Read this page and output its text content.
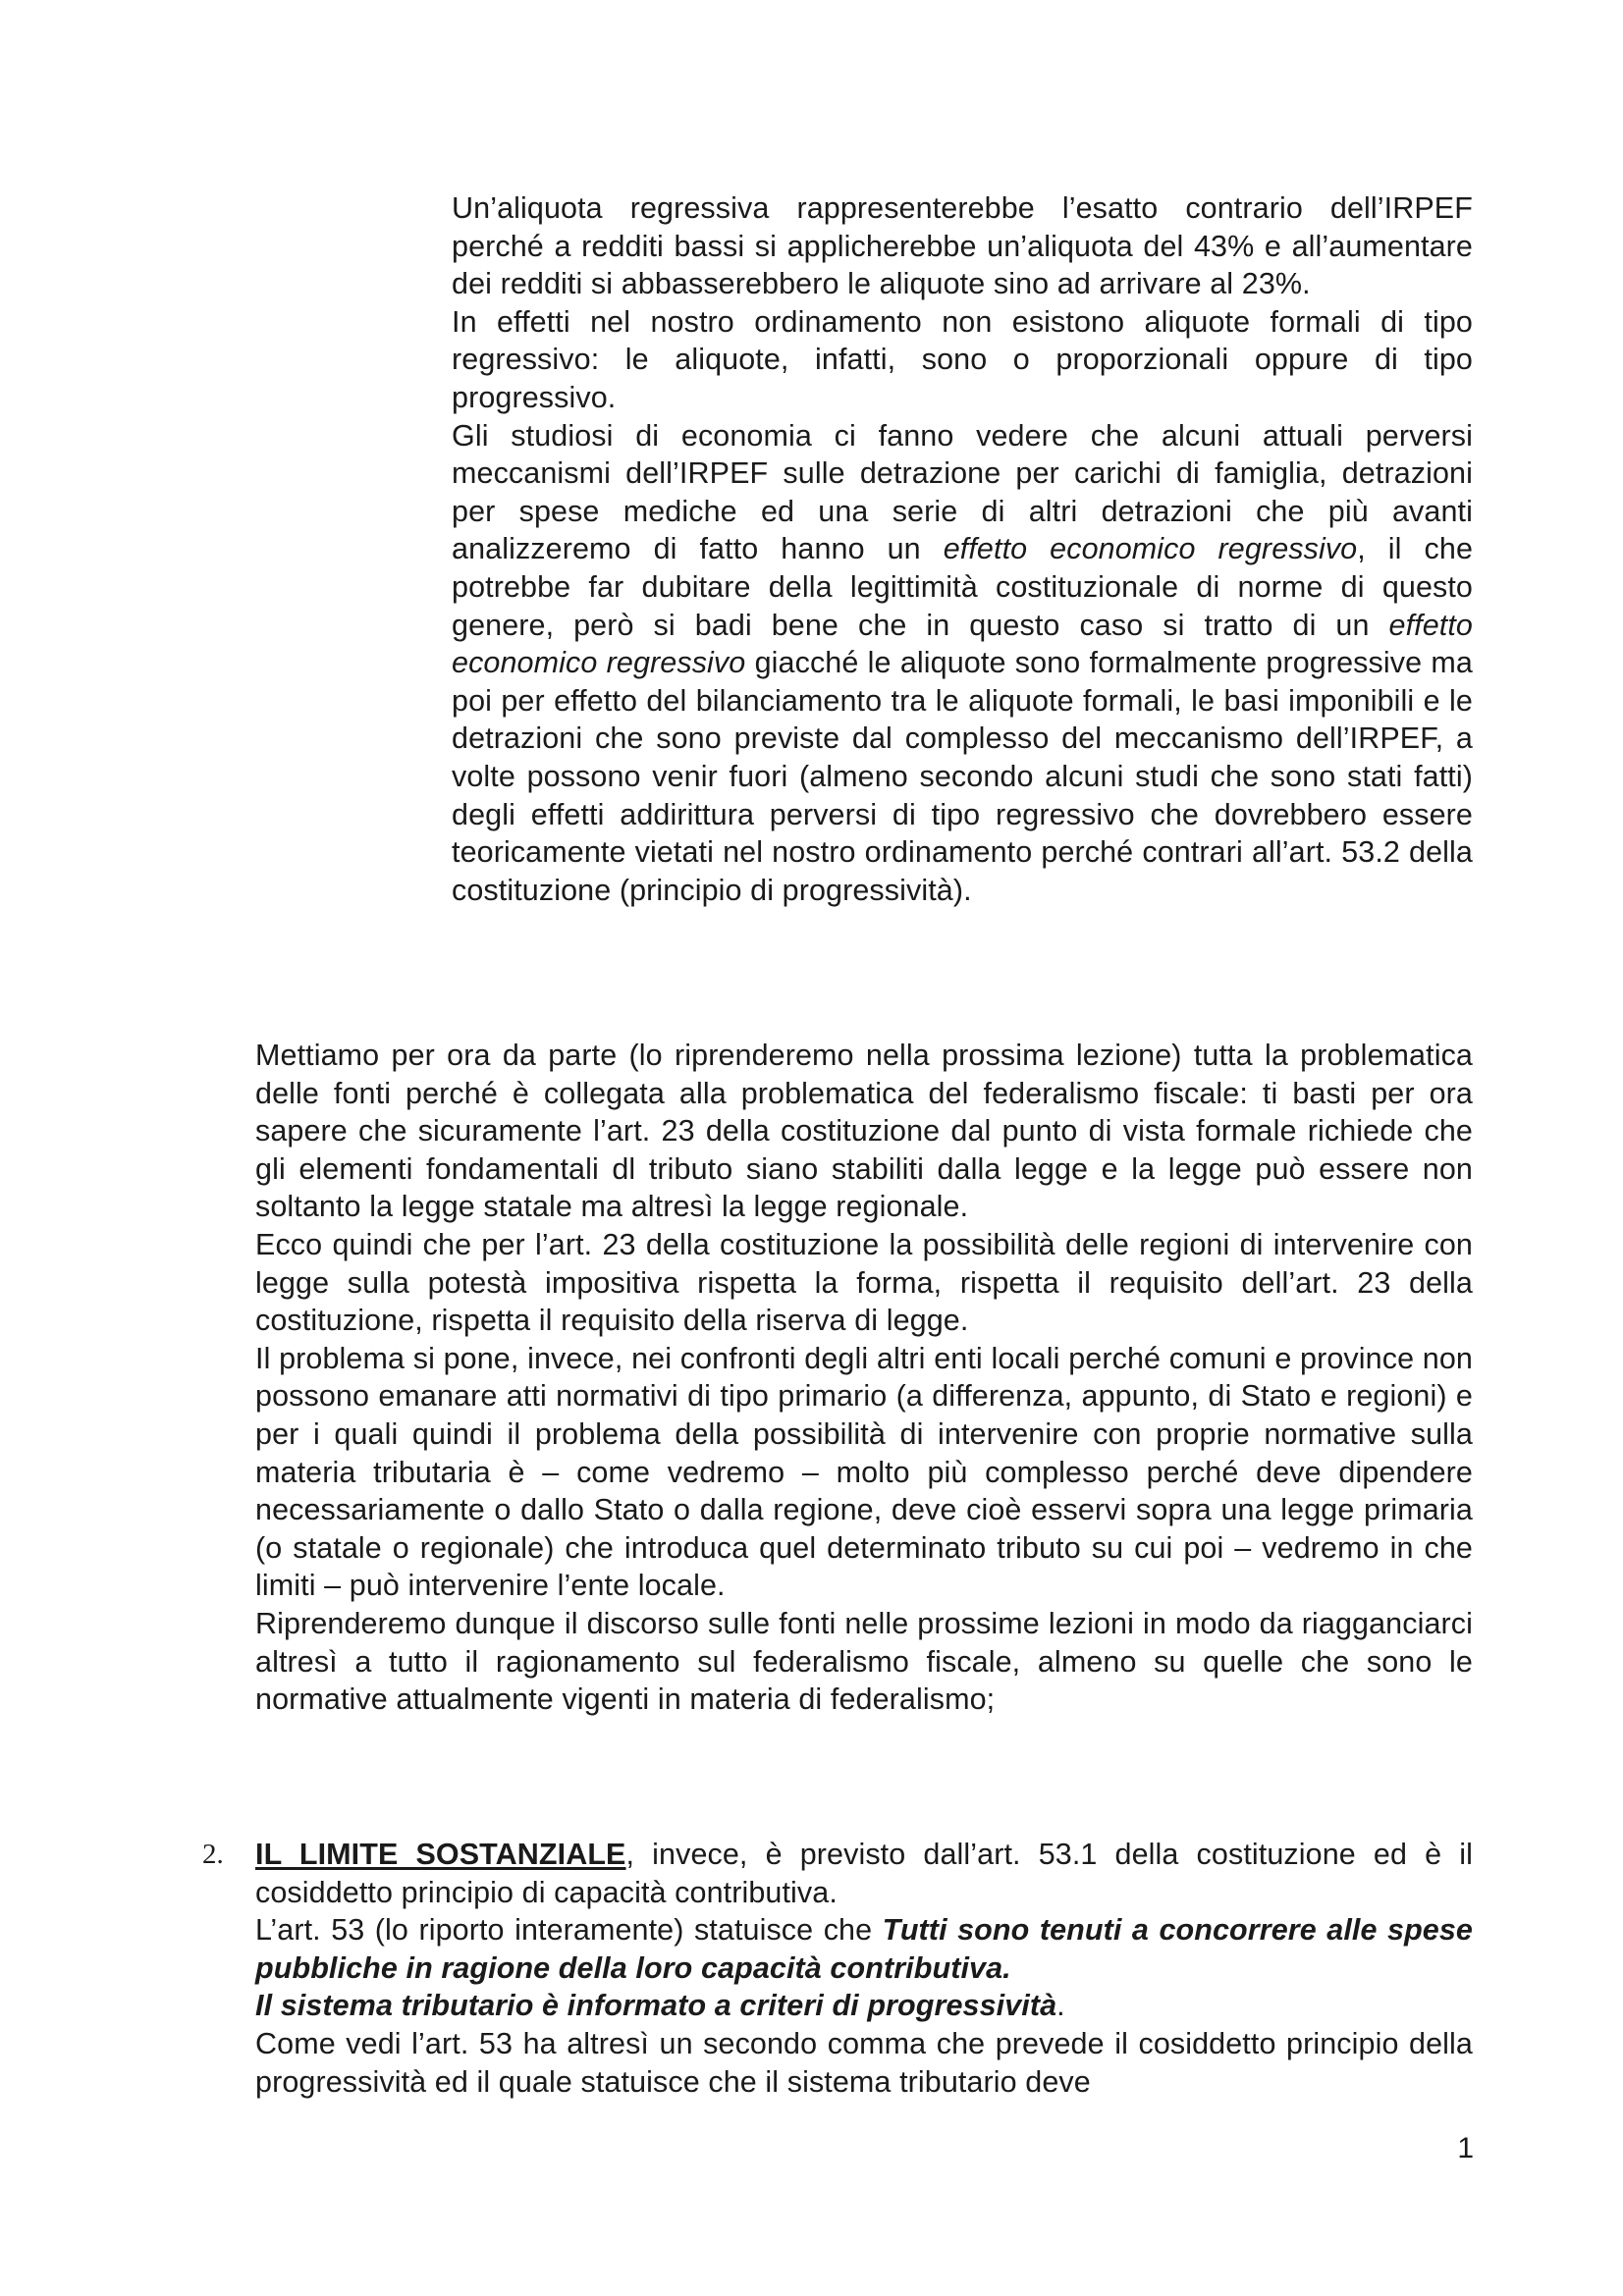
Un’aliquota regressiva rappresenterebbe l’esatto contrario dell’IRPEF perché a redditi bassi si applicherebbe un’aliquota del 43% e all’aumentare dei redditi si abbasserebbero le aliquote sino ad arrivare al 23%.

In effetti nel nostro ordinamento non esistono aliquote formali di tipo regressivo: le aliquote, infatti, sono o proporzionali oppure di tipo progressivo.

Gli studiosi di economia ci fanno vedere che alcuni attuali perversi meccanismi dell’IRPEF sulle detrazione per carichi di famiglia, detrazioni per spese mediche ed una serie di altri detrazioni che più avanti analizzeremo di fatto hanno un effetto economico regressivo, il che potrebbe far dubitare della legittimità costituzionale di norme di questo genere, però si badi bene che in questo caso si tratto di un effetto economico regressivo giacché le aliquote sono formalmente progressive ma poi per effetto del bilanciamento tra le aliquote formali, le basi imponibili e le detrazioni che sono previste dal complesso del meccanismo dell’IRPEF, a volte possono venir fuori (almeno secondo alcuni studi che sono stati fatti) degli effetti addirittura perversi di tipo regressivo che dovrebbero essere teoricamente vietati nel nostro ordinamento perché contrari all’art. 53.2 della costituzione (principio di progressività).

Mettiamo per ora da parte (lo riprenderemo nella prossima lezione) tutta la problematica delle fonti perché è collegata alla problematica del federalismo fiscale: ti basti per ora sapere che sicuramente l’art. 23 della costituzione dal punto di vista formale richiede che gli elementi fondamentali dl tributo siano stabiliti dalla legge e la legge può essere non soltanto la legge statale ma altresì la legge regionale.

Ecco quindi che per l’art. 23 della costituzione la possibilità delle regioni di intervenire con legge sulla potestà impositiva rispetta la forma, rispetta il requisito dell’art. 23 della costituzione, rispetta il requisito della riserva di legge.

Il problema si pone, invece, nei confronti degli altri enti locali perché comuni e province non possono emanare atti normativi di tipo primario (a differenza, appunto, di Stato e regioni) e per i quali quindi il problema della possibilità di intervenire con proprie normative sulla materia tributaria è – come vedremo – molto più complesso perché deve dipendere necessariamente o dallo Stato o dalla regione, deve cioè esservi sopra una legge primaria (o statale o regionale) che introduca quel determinato tributo su cui poi – vedremo in che limiti – può intervenire l’ente locale.

Riprenderemo dunque il discorso sulle fonti nelle prossime lezioni in modo da riagganciarci altresì a tutto il ragionamento sul federalismo fiscale, almeno su quelle che sono le normative attualmente vigenti in materia di federalismo;

2. IL LIMITE SOSTANZIALE, invece, è previsto dall’art. 53.1 della costituzione ed è il cosiddetto principio di capacità contributiva.

L’art. 53 (lo riporto interamente) statuisce che Tutti sono tenuti a concorrere alle spese pubbliche in ragione della loro capacità contributiva.

Il sistema tributario è informato a criteri di progressività.

Come vedi l’art. 53 ha altresì un secondo comma che prevede il cosiddetto principio della progressività ed il quale statuisce che il sistema tributario deve

1
